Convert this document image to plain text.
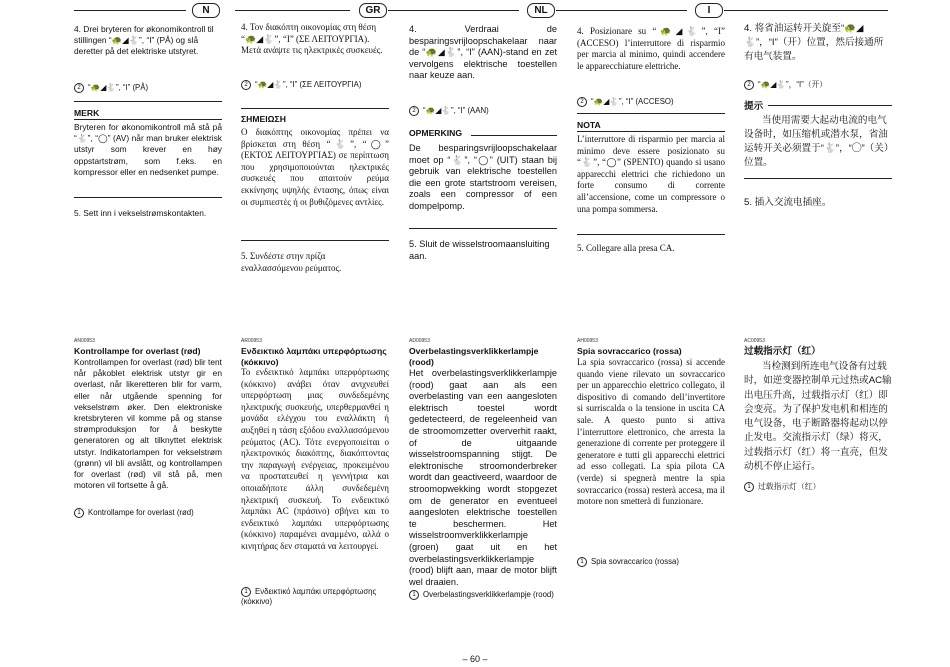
N
4. Drei bryteren for økonomikontroll til stillingen “🐢◢🐇”, “I” (PÅ) og slå deretter på det elektriske utstyret.
2 “🐢◢🐇”, “I” (PÅ)
MERK
Bryteren for økonomikontroll må stå på “🐇”, “◯” (AV) når man bruker elektrisk utstyr som krever en høy oppstartstrøm, som f.eks. en kompressor eller en nedsenket pumpe.
5. Sett inn i vekselstrømskontakten.
AN00953
Kontrollampe for overlast (rød)
Kontrollampen for overlast (rød) blir tent når påkoblet elektrisk utstyr gir en overlast, når likeretteren blir for varm, eller når utgående spenning for vekselstrøm øker. Den elektroniske kretsbryteren vil komme på og stanse strømproduksjon for å beskytte generatoren og alt tilknyttet elektrisk utstyr. Indikatorlampen for vekselstrøm (grønn) vil bli avslått, og kontrollampen for overlast (rød) vil stå på, men motoren vil fortsette å gå.
1 Kontrollampe for overlast (rød)
GR
4. Τον διακόπτη οικονομίας στη θέση “🐢◢🐇”, “I” (ΣΕ ΛΕΙΤΟΥΡΓΙΑ). Μετά ανάψτε τις ηλεκτρικές συσκευές.
2 “🐢◢🐇”, “I” (ΣΕ ΛΕΙΤΟΥΡΓΙΑ)
ΣΗΜΕΙΩΣΗ
Ο διακόπτης οικονομίας πρέπει να βρίσκεται στη θέση “🐇”, “◯” (ΕΚΤΟΣ ΛΕΙΤΟΥΡΓΙΑΣ) σε περίπτωση που χρησιμοποιούνται ηλεκτρικές συσκευές που απαιτούν ρεύμα εκκίνησης υψηλής έντασης, όπως είναι οι συμπιεστές ή οι βυθιζόμενες αντλίες.
5. Συνδέστε στην πρίζα εναλλασσόμενου ρεύματος.
AR00953
Ενδεικτικό λαμπάκι υπερφόρτωσης (κόκκινο)
Το ενδεικτικό λαμπάκι υπερφόρτωσης (κόκκινο) ανάβει όταν ανιχνευθεί υπερφόρτωση μιας συνδεδεμένης ηλεκτρικής συσκευής, υπερθερμανθεί η μονάδα ελέγχου του εναλλάκτη ή αυξηθεί η τάση εξόδου εναλλασσόμενου ρεύματος (AC). Τότε ενεργοποιείται ο ηλεκτρονικός διακόπτης, διακόπτοντας την παραγωγή ενέργειας, προκειμένου να προστατευθεί η γεννήτρια και οποιαδήποτε άλλη συνδεδεμένη ηλεκτρική συσκευή. Το ενδεικτικό λαμπάκι AC (πράσινο) σβήνει και το ενδεικτικό λαμπάκι υπερφόρτωσης (κόκκινο) παραμένει αναμμένο, αλλά ο κινητήρας δεν σταματά να λειτουργεί.
1 Ενδεικτικό λαμπάκι υπερφόρτωσης (κόκκινο)
NL
4. Verdraai de besparingsvrijloopschakelaar naar de “🐢◢🐇”, “I” (AAN)-stand en zet vervolgens elektrische toestellen naar keuze aan.
2 “🐢◢🐇”, “I” (AAN)
OPMERKING
De besparingsvrijloopschakelaar moet op “🐇”, “◯” (UIT) staan bij gebruik van elektrische toestellen die een grote startstroom vereisen, zoals een compressor of een dompelpomp.
5. Sluit de wisselstroomaansluiting aan.
AD00953
Overbelastingsverklikkerlampje (rood)
Het overbelastingsverklikkerlampje (rood) gaat aan als een overbelasting van een aangesloten elektrisch toestel wordt gedetecteerd, de regeleenheid van de stroomomzetter oververhit raakt, of de uitgaande wisselstroomspanning stijgt. De elektronische stroomonderbreker wordt dan geactiveerd, waardoor de stroomopwekking wordt stopgezet om de generator en eventueel aangesloten elektrische toestellen te beschermen. Het wisselstroomverklikkerlampje (groen) gaat uit en het overbelastingsverklikkerlampje (rood) blijft aan, maar de motor blijft wel draaien.
1 Overbelastingsverklikkerlampje (rood)
I
4. Posizionare su “🐢◢🐇”, “I” (ACCESO) l’interruttore di risparmio per marcia al minimo, quindi accendere le apparecchiature elettriche.
2 “🐢◢🐇”, “I” (ACCESO)
NOTA
L’interruttore di risparmio per marcia al minimo deve essere posizionato su “🐇”, “◯” (SPENTO) quando si usano apparecchi elettrici che richiedono un forte consumo di corrente all’accensione, come un compressore o una pompa sommersa.
5. Collegare alla presa CA.
AH00953
Spia sovraccarico (rossa)
La spia sovraccarico (rossa) si accende quando viene rilevato un sovraccarico per un apparecchio elettrico collegato, il dispositivo di comando dell’invertitore si surriscalda o la tensione in uscita CA sale. A questo punto si attiva l’interruttore elettronico, che arresta la generazione di corrente per proteggere il generatore e tutti gli apparecchi elettrici ad esso collegati. La spia pilota CA (verde) si spegnerà mentre la spia sovraccarico (rossa) resterà accesa, ma il motore non smetterà di funzionare.
1 Spia sovraccarico (rossa)
4. 将省油运转开关旋至“🐢◢🐇”，“I”（开）位置，然后接通所有电气装置。
2 “🐢◢🐇”，“I”（开）
提示
当使用需要大起动电流的电气设备时，如压缩机或潜水泵，省油运转开关必须置于“🐇”，“◯”（关）位置。
5. 插入交流电插座。
AC00953
过载指示灯（红）
当检测到所连电气设备有过载时，如逆变器控制单元过热或AC输出电压升高，过载指示灯（红）即会变亮。为了保护发电机和相连的电气设备，电子断路器将起动以停止发电。交流指示灯（绿）将灭，过载指示灯（红）将一直亮，但发动机不停止运行。
1 过载指示灯（红）
– 60 –
